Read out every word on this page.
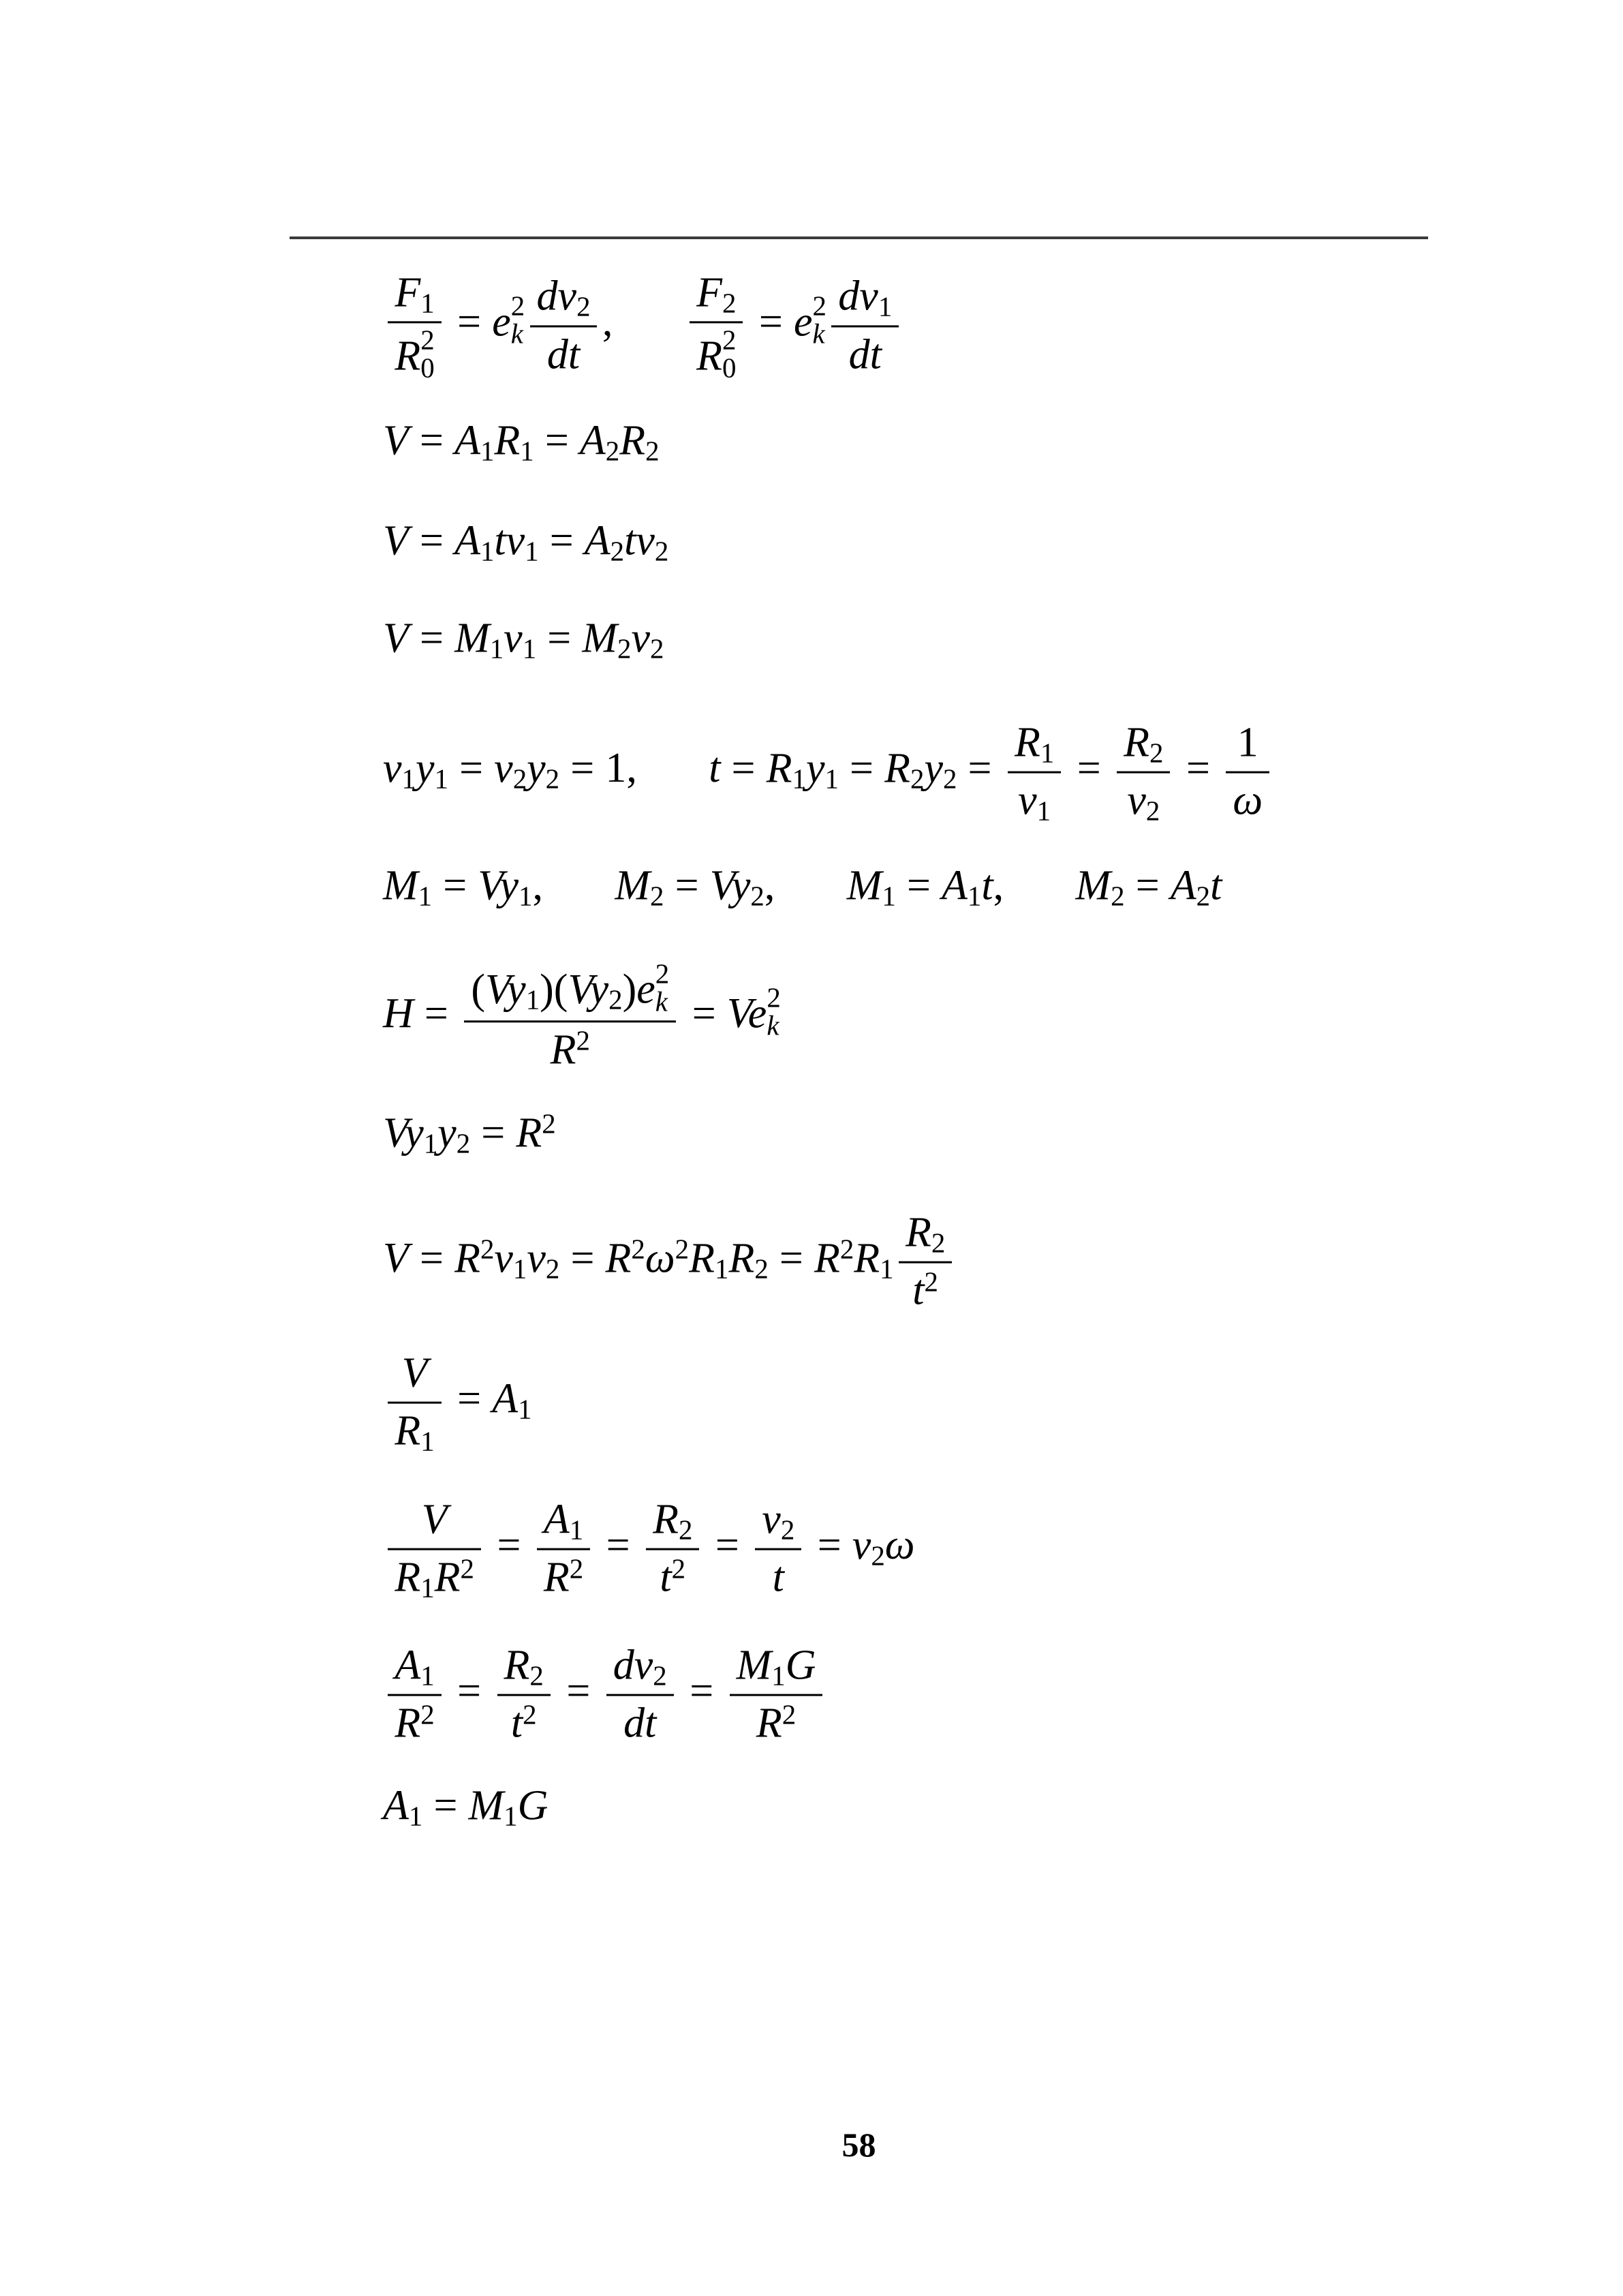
F1
R 2
0 = e 2
k $\frac{dv2}{dt}$ , F2
R 2
0 = e 2
k $\frac{dv1}{dt}$
V = A1R1 = A2R2
V = A1tv1 = A2tv2
V = M1v1 = M2v2
v1y1 = v2y2 = 1, $t = R1y1 = R2y2 = \frac{R1}{v1} = \frac{R2}{v2} = \frac{1}{\omega}$
M1 = Vy1, M2 = Vy2, M1 = A1t, M2 = A2t
H = (Vy1)(Vy2)e 2
k
$R^2 = Ve$ 2
k
$Vy1y2 = R^2$
$V = R^2v1v2 = R^2\omega^2R1R2 = R^2R1 \frac{R2}{t^2}$
$\frac{V}{R1} = A1$
$\frac{V}{R1R^2} = \frac{A1}{R^2} = \frac{R2}{t^2} = \frac{v2}{t} = v2\omega$
$\frac{A1}{R^2} = \frac{R2}{t^2} = \frac{dv2}{dt} = \frac{M1G}{R^2}$
A1 = M1G
58
